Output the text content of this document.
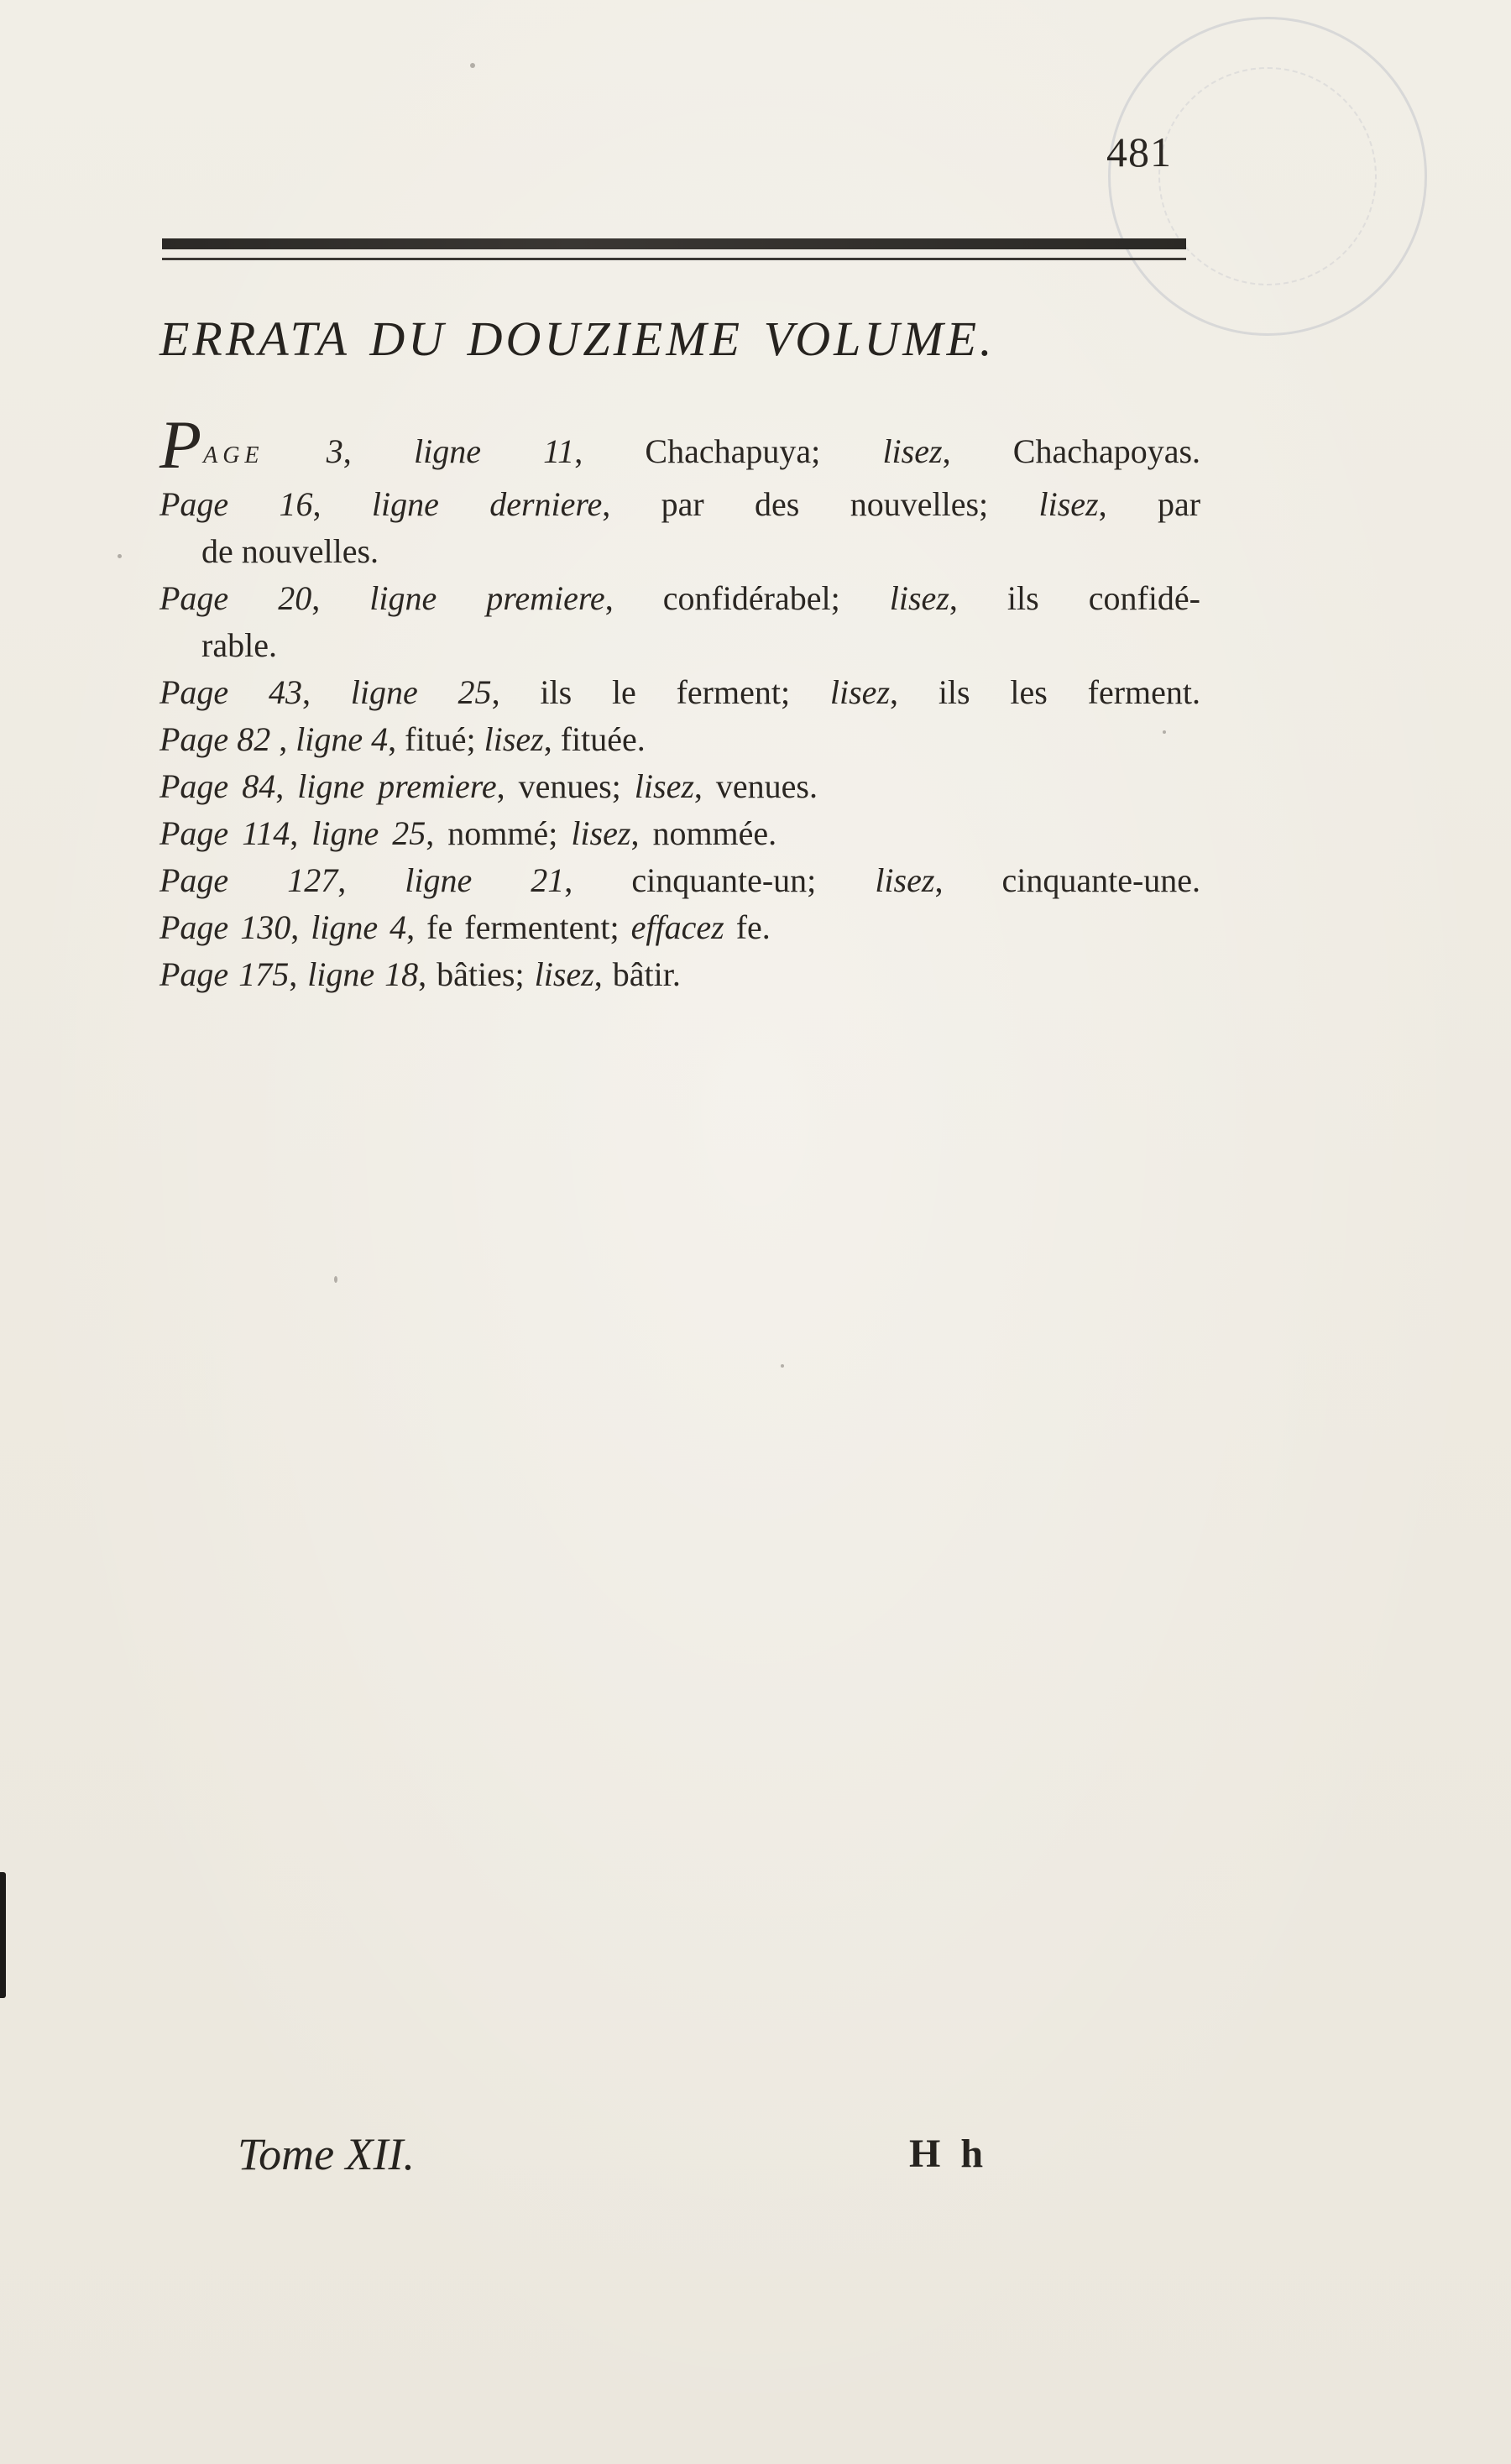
481
ERRATA DU DOUZIEME VOLUME.
PAGE 3, ligne 11, Chachapuya; lisez, Chachapoyas.
Page 16, ligne derniere, par des nouvelles; lisez, par
de nouvelles.
Page 20, ligne premiere, confidérabel; lisez, ils confidé-
rable.
Page 43, ligne 25, ils le ferment; lisez, ils les ferment.
Page 82 , ligne 4, fitué; lisez, fituée.
Page 84, ligne premiere, venues; lisez, venues.
Page 114, ligne 25, nommé; lisez, nommée.
Page 127, ligne 21, cinquante-un; lisez, cinquante-une.
Page 130, ligne 4, fe fermentent; effacez fe.
Page 175, ligne 18, bâties; lisez, bâtir.
Tome XII.	H h
